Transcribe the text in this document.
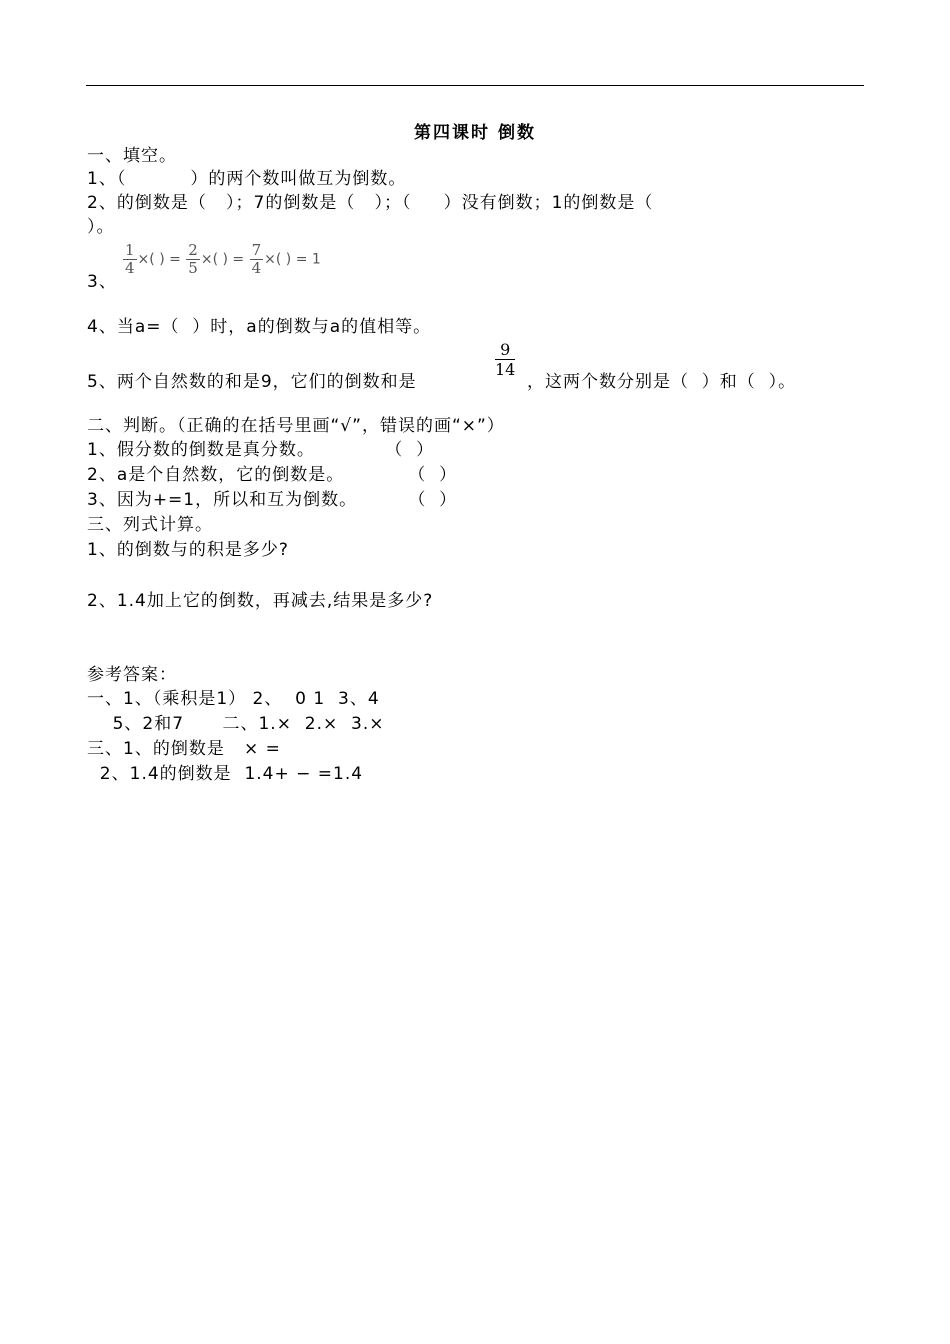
第四课时 倒数
一、填空。
1、（          ）的两个数叫做互为倒数。
2、的倒数是（   ）；7的倒数是（   ）；（     ）没有倒数；1的倒数是（
）。
3、
$\frac{1}{4}$ ×( ) = $\frac{2}{5}$ ×( ) = $\frac{7}{4}$ ×( ) = 1
4、当a=（  ）时，a的倒数与a的值相等。
5、两个自然数的和是9，它们的倒数和是
$\frac{9}{14}$
，这两个数分别是（  ）和（  ）。
二、判断。（正确的在括号里画“√”，错误的画“×”）
1、假分数的倒数是真分数。           （  ）
2、a是个自然数，它的倒数是。          （  ）
3、因为+=1，所以和互为倒数。        （  ）
三、列式计算。
1、的倒数与的积是多少?
2、1.4加上它的倒数，再减去,结果是多少?
参考答案：
一、1、（乘积是1） 2、  0 1  3、4
5、2和7      二、1.×  2.×  3.×
三、1、的倒数是   × =
2、1.4的倒数是  1.4+ − =1.4
